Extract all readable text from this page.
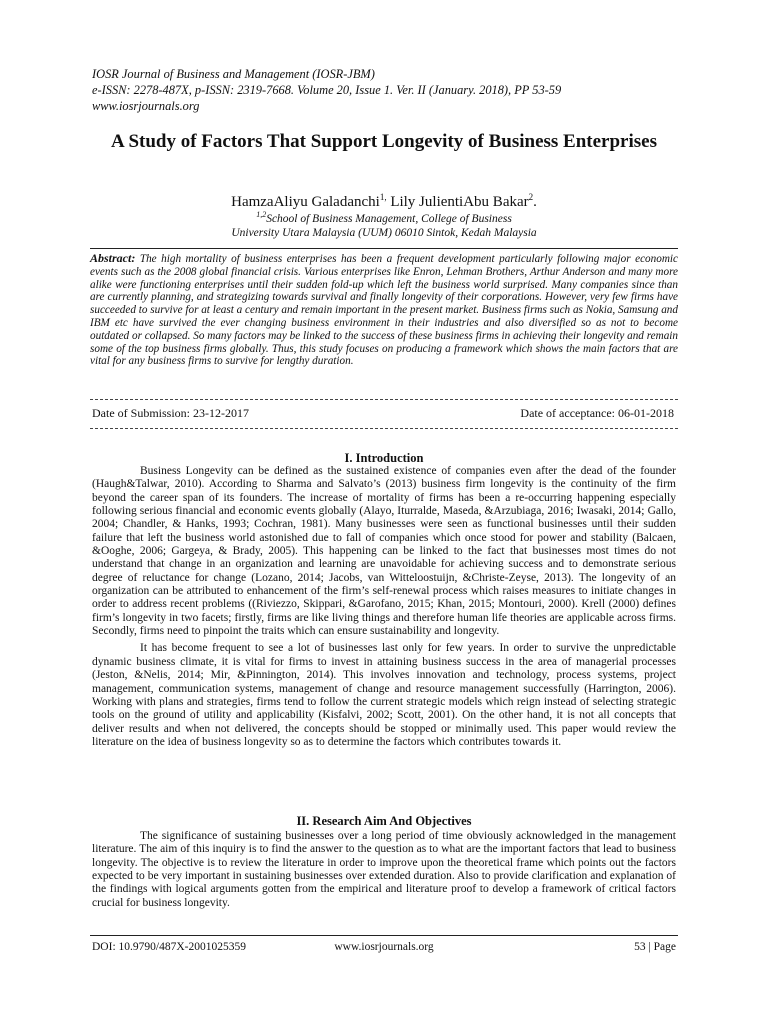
IOSR Journal of Business and Management (IOSR-JBM)
e-ISSN: 2278-487X, p-ISSN: 2319-7668. Volume 20, Issue 1. Ver. II (January. 2018), PP 53-59
www.iosrjournals.org
A Study of Factors That Support Longevity of Business Enterprises
HamzaAliyu Galadanchi$^{1,}$ Lily JulientiAbu Bakar$^2$.
$^{1,2}$School of Business Management, College of Business
University Utara Malaysia (UUM) 06010 Sintok, Kedah Malaysia
Abstract: The high mortality of business enterprises has been a frequent development particularly following major economic events such as the 2008 global financial crisis. Various enterprises like Enron, Lehman Brothers, Arthur Anderson and many more alike were functioning enterprises until their sudden fold-up which left the business world surprised. Many companies since than are currently planning, and strategizing towards survival and finally longevity of their corporations. However, very few firms have succeeded to survive for at least a century and remain important in the present market. Business firms such as Nokia, Samsung and IBM etc have survived the ever changing business environment in their industries and also diversified so as not to become outdated or collapsed. So many factors may be linked to the success of these business firms in achieving their longevity and remain some of the top business firms globally. Thus, this study focuses on producing a framework which shows the main factors that are vital for any business firms to survive for lengthy duration.
Date of Submission: 23-12-2017	Date of acceptance: 06-01-2018
I. Introduction

Business Longevity can be defined as the sustained existence of companies even after the dead of the founder (Haugh&Talwar, 2010). According to Sharma and Salvato’s (2013) business firm longevity is the continuity of the firm beyond the career span of its founders. The increase of mortality of firms has been a re-occurring happening especially following serious financial and economic events globally (Alayo, Iturralde, Maseda, &Arzubiaga, 2016; Iwasaki, 2014; Gallo, 2004; Chandler, & Hanks, 1993; Cochran, 1981). Many businesses were seen as functional businesses until their sudden failure that left the business world astonished due to fall of companies which once stood for power and stability (Balcaen, &Ooghe, 2006; Gargeya, & Brady, 2005). This happening can be linked to the fact that businesses most times do not understand that change in an organization and learning are unavoidable for achieving success and to demonstrate serious degree of reluctance for change (Lozano, 2014; Jacobs, van Witteloostuijn, &Christe-Zeyse, 2013). The longevity of an organization can be attributed to enhancement of the firm’s self-renewal process which raises measures to initiate changes in order to address recent problems ((Riviezzo, Skippari, &Garofano, 2015; Khan, 2015; Montouri, 2000). Krell (2000) defines firm’s longevity in two facets; firstly, firms are like living things and therefore human life theories are applicable across firms. Secondly, firms need to pinpoint the traits which can ensure sustainability and longevity.

It has become frequent to see a lot of businesses last only for few years. In order to survive the unpredictable dynamic business climate, it is vital for firms to invest in attaining business success in the area of managerial processes (Jeston, &Nelis, 2014; Mir, &Pinnington, 2014). This involves innovation and technology, process systems, project management, communication systems, management of change and resource management successfully (Harrington, 2006). Working with plans and strategies, firms tend to follow the current strategic models which reign instead of selecting strategic tools on the ground of utility and applicability (Kisfalvi, 2002; Scott, 2001). On the other hand, it is not all concepts that deliver results and when not delivered, the concepts should be stopped or minimally used. This paper would review the literature on the idea of business longevity so as to determine the factors which contributes towards it.

II. Research Aim And Objectives

The significance of sustaining businesses over a long period of time obviously acknowledged in the management literature. The aim of this inquiry is to find the answer to the question as to what are the important factors that lead to business longevity. The objective is to review the literature in order to improve upon the theoretical frame which points out the factors expected to be very important in sustaining businesses over extended duration. Also to provide clarification and explanation of the findings with logical arguments gotten from the empirical and literature proof to develop a framework of critical factors crucial for business longevity.

DOI: 10.9790/487X-2001025359	www.iosrjournals.org	53 | Page
